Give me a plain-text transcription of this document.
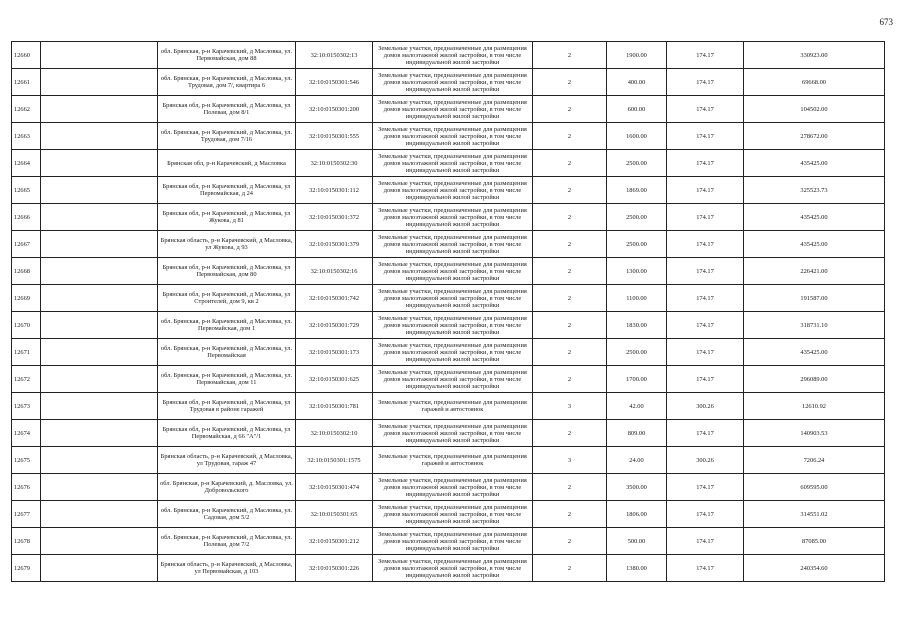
673
12660		обл. Брянская, р-н Карачевский, д Масловка, ул. Первомайская, дом 88	32:10:0150302:13	Земельные участки, предназначенные для размещения домов малоэтажной жилой застройки, в том числе индивидуальной жилой застройки	2	1900.00	174.17	330923.00
12661		обл. Брянская, р-н Карачевский, д Масловка, ул. Трудовая, дом 7/, квартира 6	32:10:0150301:546	Земельные участки, предназначенные для размещения домов малоэтажной жилой застройки, в том числе индивидуальной жилой застройки	2	400.00	174.17	69668.00
12662		Брянская обл, р-н Карачевский, д Масловка, ул Полевая, дом 8/1	32:10:0150301:200	Земельные участки, предназначенные для размещения домов малоэтажной жилой застройки, в том числе индивидуальной жилой застройки	2	600.00	174.17	104502.00
12663		обл. Брянская, р-н Карачевский, д Масловка, ул. Трудовая, дом 7/16	32:10:0150301:555	Земельные участки, предназначенные для размещения домов малоэтажной жилой застройки, в том числе индивидуальной жилой застройки	2	1600.00	174.17	278672.00
12664		Брянская обл, р-н Карачевский, д Масловка	32:10:0150302:30	Земельные участки, предназначенные для размещения домов малоэтажной жилой застройки, в том числе индивидуальной жилой застройки	2	2500.00	174.17	435425.00
12665		Брянская обл, р-н Карачевский, д Масловка, ул Первомайская, д 24	32:10:0150301:112	Земельные участки, предназначенные для размещения домов малоэтажной жилой застройки, в том числе индивидуальной жилой застройки	2	1869.00	174.17	325523.73
12666		Брянская обл, р-н Карачевский, д Масловка, ул Жукова, д 81	32:10:0150301:372	Земельные участки, предназначенные для размещения домов малоэтажной жилой застройки, в том числе индивидуальной жилой застройки	2	2500.00	174.17	435425.00
12667		Брянская область, р-н Карачевский, д Масловка, ул Жукова, д 93	32:10:0150301:379	Земельные участки, предназначенные для размещения домов малоэтажной жилой застройки, в том числе индивидуальной жилой застройки	2	2500.00	174.17	435425.00
12668		Брянская обл, р-н Карачевский, д Масловка, ул Первомайская, дом 80	32:10:0150302:16	Земельные участки, предназначенные для размещения домов малоэтажной жилой застройки, в том числе индивидуальной жилой застройки	2	1300.00	174.17	226421.00
12669		Брянская обл, р-н Карачевский, д Масловка, ул Строителей, дом 9, кв 2	32:10:0150301:742	Земельные участки, предназначенные для размещения домов малоэтажной жилой застройки, в том числе индивидуальной жилой застройки	2	1100.00	174.17	191587.00
12670		обл. Брянская, р-н Карачевский, д Масловка, ул. Первомайская, дом 1	32:10:0150301:729	Земельные участки, предназначенные для размещения домов малоэтажной жилой застройки, в том числе индивидуальной жилой застройки	2	1830.00	174.17	318731.10
12671		обл. Брянская, р-н Карачевский, д Масловка, ул. Первомайская	32:10:0150301:173	Земельные участки, предназначенные для размещения домов малоэтажной жилой застройки, в том числе индивидуальной жилой застройки	2	2500.00	174.17	435425.00
12672		обл. Брянская, р-н Карачевский, д Масловка, ул. Первомайская, дом 11	32:10:0150301:625	Земельные участки, предназначенные для размещения домов малоэтажной жилой застройки, в том числе индивидуальной жилой застройки	2	1700.00	174.17	296089.00
12673		Брянская обл, р-н Карачевский, д Масловка, ул Трудовая в районе гаражей	32:10:0150301:781	Земельные участки, предназначенные для размещения гаражей и автостоянок	3	42.00	300.26	12610.92
12674		Брянская обл, р-н Карачевский, д Масловка, ул Первомайская, д 66 "А"/1	32:10:0150302:10	Земельные участки, предназначенные для размещения домов малоэтажной жилой застройки, в том числе индивидуальной жилой застройки	2	809.00	174.17	140903.53
12675		Брянская область, р-н Карачевский, д Масловка, ул Трудовая, гараж 47	32:10:0150301:1575	Земельные участки, предназначенные для размещения гаражей и автостоянок	3	24.00	300.26	7206.24
12676		обл. Брянская, р-н Карачевский, д. Масловка, ул. Добровольского	32:10:0150301:474	Земельные участки, предназначенные для размещения домов малоэтажной жилой застройки, в том числе индивидуальной жилой застройки	2	3500.00	174.17	609595.00
12677		обл. Брянская, р-н Карачевский, д Масловка, ул. Садовая, дом 5/2	32:10:0150301:65	Земельные участки, предназначенные для размещения домов малоэтажной жилой застройки, в том числе индивидуальной жилой застройки	2	1806.00	174.17	314551.02
12678		обл. Брянская, р-н Карачевский, д Масловка, ул. Полевая, дом 7/2	32:10:0150301:212	Земельные участки, предназначенные для размещения домов малоэтажной жилой застройки, в том числе индивидуальной жилой застройки	2	500.00	174.17	87085.00
12679		Брянская область, р-н Карачевский, д Масловка, ул Первомайская, д 103	32:10:0150301:226	Земельные участки, предназначенные для размещения домов малоэтажной жилой застройки, в том числе индивидуальной жилой застройки	2	1380.00	174.17	240354.60
